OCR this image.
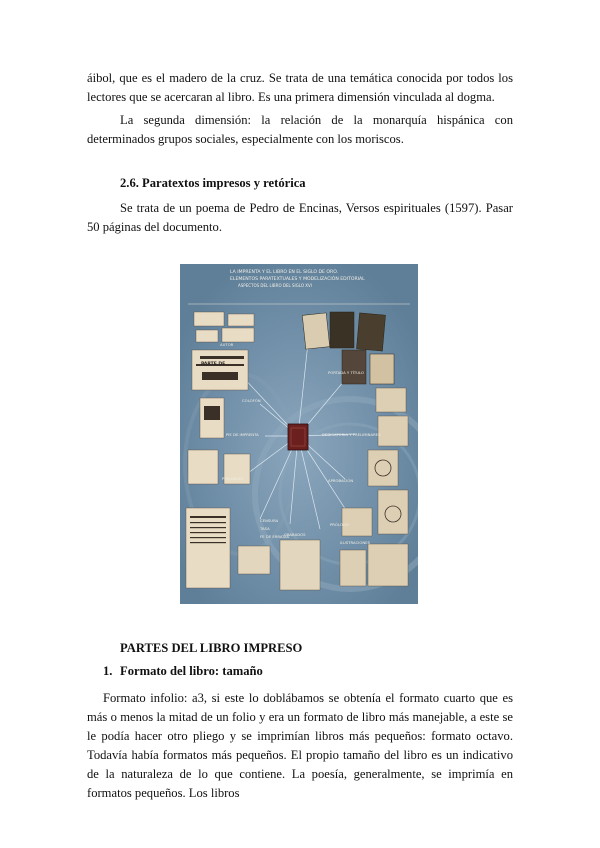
áibol, que es el madero de la cruz. Se trata de una temática conocida por todos los lectores que se acercaran al libro. Es una primera dimensión vinculada al dogma.

La segunda dimensión: la relación de la monarquía hispánica con determinados grupos sociales, especialmente con los moriscos.

2.6. Paratextos impresos y retórica

Se trata de un poema de Pedro de Encinas, Versos espirituales (1597). Pasar 50 páginas del documento.

LA IMPRENTA Y EL LIBRO EN EL SIGLO DE ORO.
ELEMENTOS PARATEXTUALES Y MODELIZACIÓN EDITORIAL
ASPECTOS DEL LIBRO DEL SIGLO XVI
PARTE DE
PORTADA Y TÍTULO
COLOFÓN
PIE DE IMPRENTA	DEDICATORIA Y PRELIMINARES
PRIVILEGIO	APROBACIÓN
PRÓLOGO
CENSURA
TASA
FE DE ERRATAS
GRABADOS
ILUSTRACIONES
AUTOR

PARTES DEL LIBRO IMPRESO

1. Formato del libro: tamaño

Formato infolio: a3, si este lo doblábamos se obtenía el formato cuarto que es más o menos la mitad de un folio y era un formato de libro más manejable, a este se le podía hacer otro pliego y se imprimían libros más pequeños: formato octavo. Todavía había formatos más pequeños. El propio tamaño del libro es un indicativo de la naturaleza de lo que contiene. La poesía, generalmente, se imprimía en formatos pequeños. Los libros
